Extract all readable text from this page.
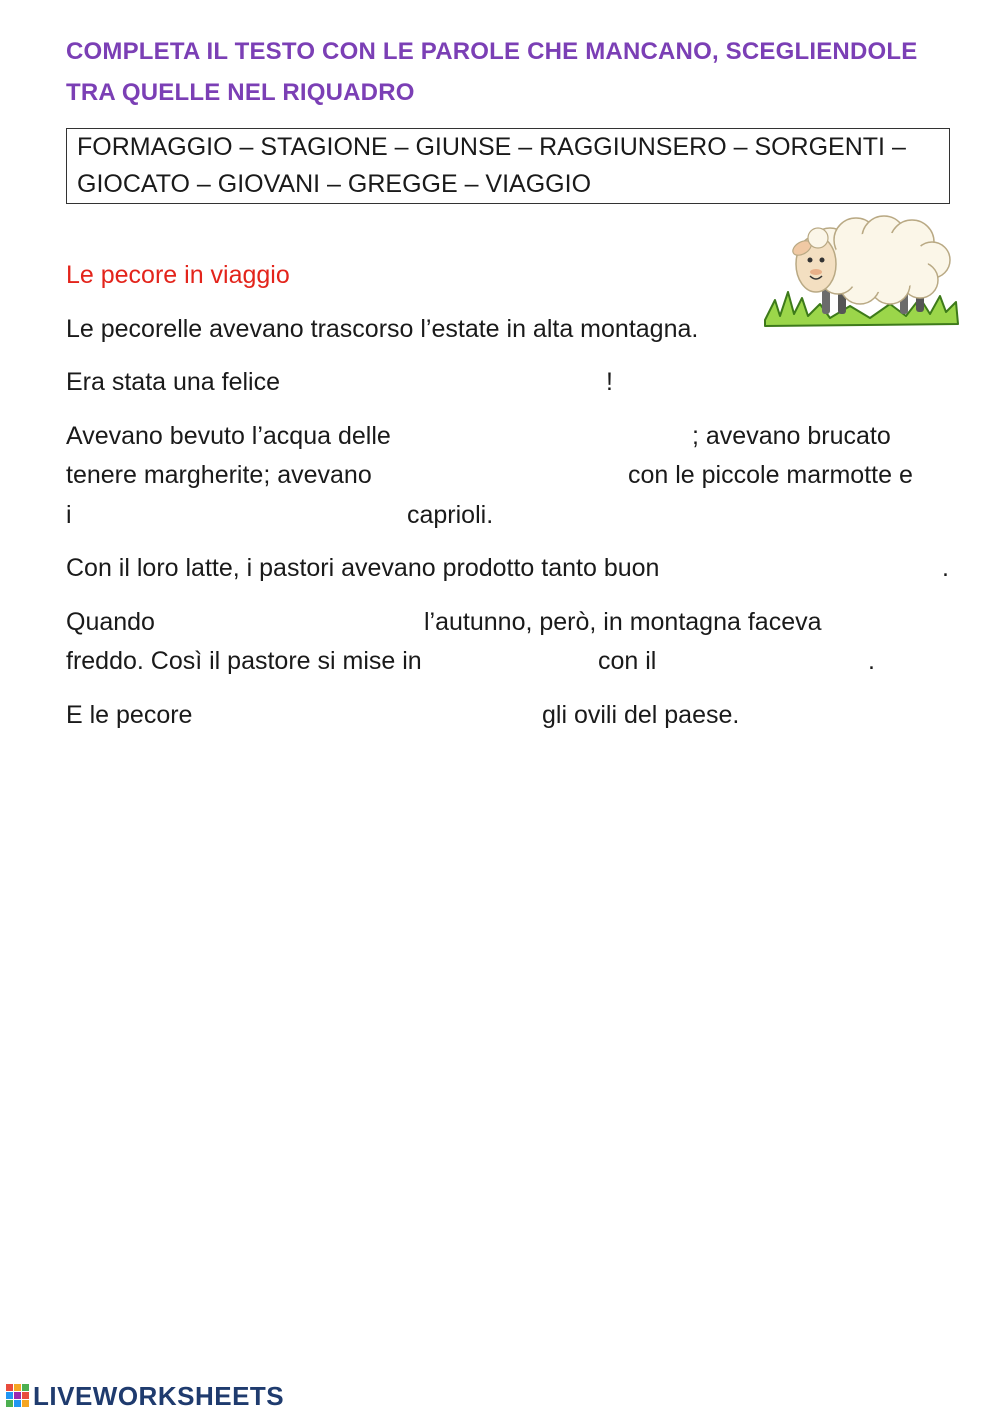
COMPLETA IL TESTO CON LE PAROLE CHE MANCANO, SCEGLIENDOLE
TRA QUELLE NEL RIQUADRO
FORMAGGIO – STAGIONE – GIUNSE – RAGGIUNSERO – SORGENTI –
GIOCATO – GIOVANI – GREGGE – VIAGGIO
Le pecore in viaggio
Le pecorelle avevano trascorso l’estate in alta montagna.
Era stata una felice	!
Avevano bevuto l’acqua delle	; avevano brucato
tenere margherite; avevano	con le piccole marmotte e
i	caprioli.
Con il loro latte, i pastori avevano prodotto tanto buon	.
Quando	l’autunno, però, in montagna faceva
freddo. Così il pastore si mise in	con il	.
E le pecore	gli ovili del paese.
LIVEWORKSHEETS
